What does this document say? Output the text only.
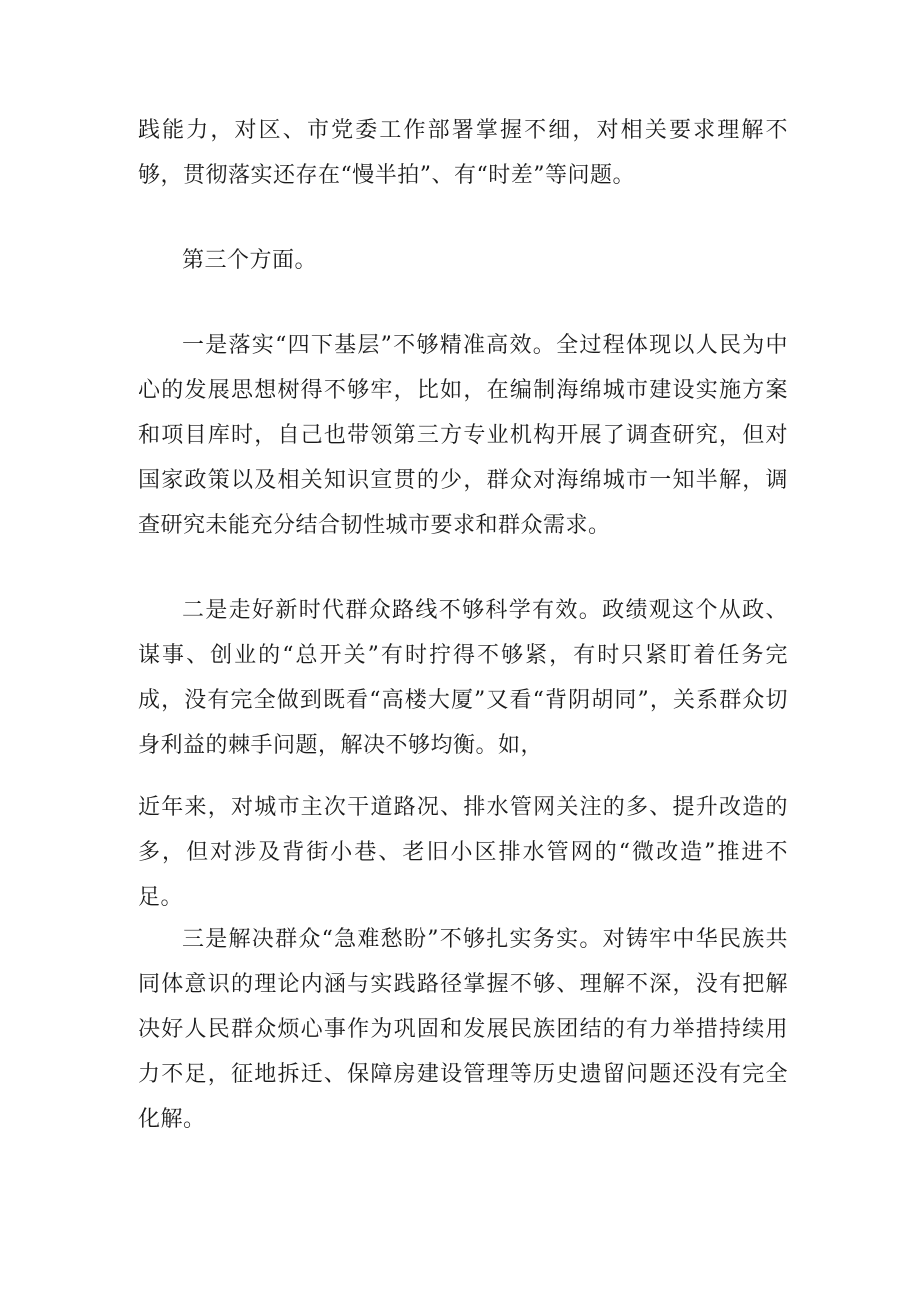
践能力，对区、市党委工作部署掌握不细，对相关要求理解不够，贯彻落实还存在“慢半拍”、有“时差”等问题。

第三个方面。

一是落实“四下基层”不够精准高效。全过程体现以人民为中心的发展思想树得不够牢，比如，在编制海绵城市建设实施方案和项目库时，自己也带领第三方专业机构开展了调查研究，但对国家政策以及相关知识宣贯的少，群众对海绵城市一知半解，调查研究未能充分结合韧性城市要求和群众需求。

二是走好新时代群众路线不够科学有效。政绩观这个从政、谋事、创业的“总开关”有时拧得不够紧，有时只紧盯着任务完成，没有完全做到既看“高楼大厦”又看“背阴胡同”，关系群众切身利益的棘手问题，解决不够均衡。如，

近年来，对城市主次干道路况、排水管网关注的多、提升改造的多，但对涉及背街小巷、老旧小区排水管网的“微改造”推进不足。

三是解决群众“急难愁盼”不够扎实务实。对铸牢中华民族共同体意识的理论内涵与实践路径掌握不够、理解不深，没有把解决好人民群众烦心事作为巩固和发展民族团结的有力举措持续用力不足，征地拆迁、保障房建设管理等历史遗留问题还没有完全化解。
